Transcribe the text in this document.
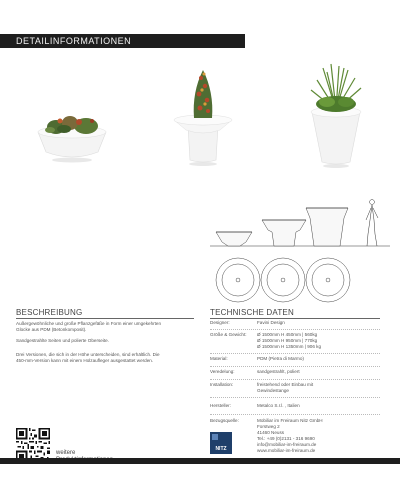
DETAILINFORMATIONEN
BESCHREIBUNG
Außergewöhnliche und große Pflanzgefäße in Form einer umgekehrten Glocke aus PDM (Betonkomposit).
Sandgestrahlte Seiten und polierte Oberseite.
Drei Versionen, die sich in der Höhe unterscheiden, sind erhältlich. Die 450-mm-Version kann mit einem Holzaufleger ausgestattet werden.
TECHNISCHE DATEN
Designer:	Favini Design
Größe & Gewicht:	Ø 1500mm H 450mm | 560kg
Ø 1500mm H 950mm | 770kg
Ø 1500mm H 1350mm | 906 kg
Material:	PDM (Pietra di Marmo)
Veredelung:	sandgestrahlt, poliert
Installation:	freistehend oder Einbau mit
Gewindestange
Hersteller:	Metalco S.r.l. , Italien
Bezugsquelle:	Mobiliar im Freiraum Nitz GmbH
Forstweg 2
41460 Neuss
Tel.: +49 (0)2131 - 316 9690
info@mobiliar-im-freiraum.de
www.mobiliar-im-freiraum.de
NITZ
weitere
